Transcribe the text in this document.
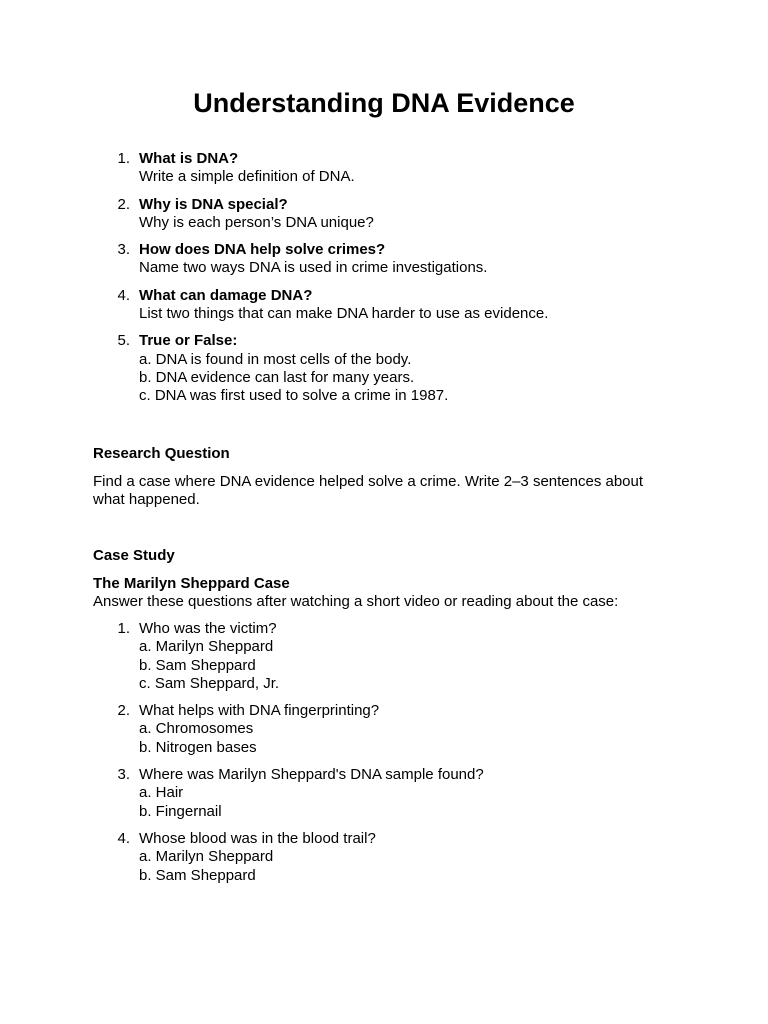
Understanding DNA Evidence
1. What is DNA?
Write a simple definition of DNA.
2. Why is DNA special?
Why is each person’s DNA unique?
3. How does DNA help solve crimes?
Name two ways DNA is used in crime investigations.
4. What can damage DNA?
List two things that can make DNA harder to use as evidence.
5. True or False:
a. DNA is found in most cells of the body.
b. DNA evidence can last for many years.
c. DNA was first used to solve a crime in 1987.

Research Question

Find a case where DNA evidence helped solve a crime. Write 2–3 sentences about what happened.

Case Study

The Marilyn Sheppard Case

Answer these questions after watching a short video or reading about the case:

1. Who was the victim?
a. Marilyn Sheppard
b. Sam Sheppard
c. Sam Sheppard, Jr.
2. What helps with DNA fingerprinting?
a. Chromosomes
b. Nitrogen bases
3. Where was Marilyn Sheppard's DNA sample found?
a. Hair
b. Fingernail
4. Whose blood was in the blood trail?
a. Marilyn Sheppard
b. Sam Sheppard
